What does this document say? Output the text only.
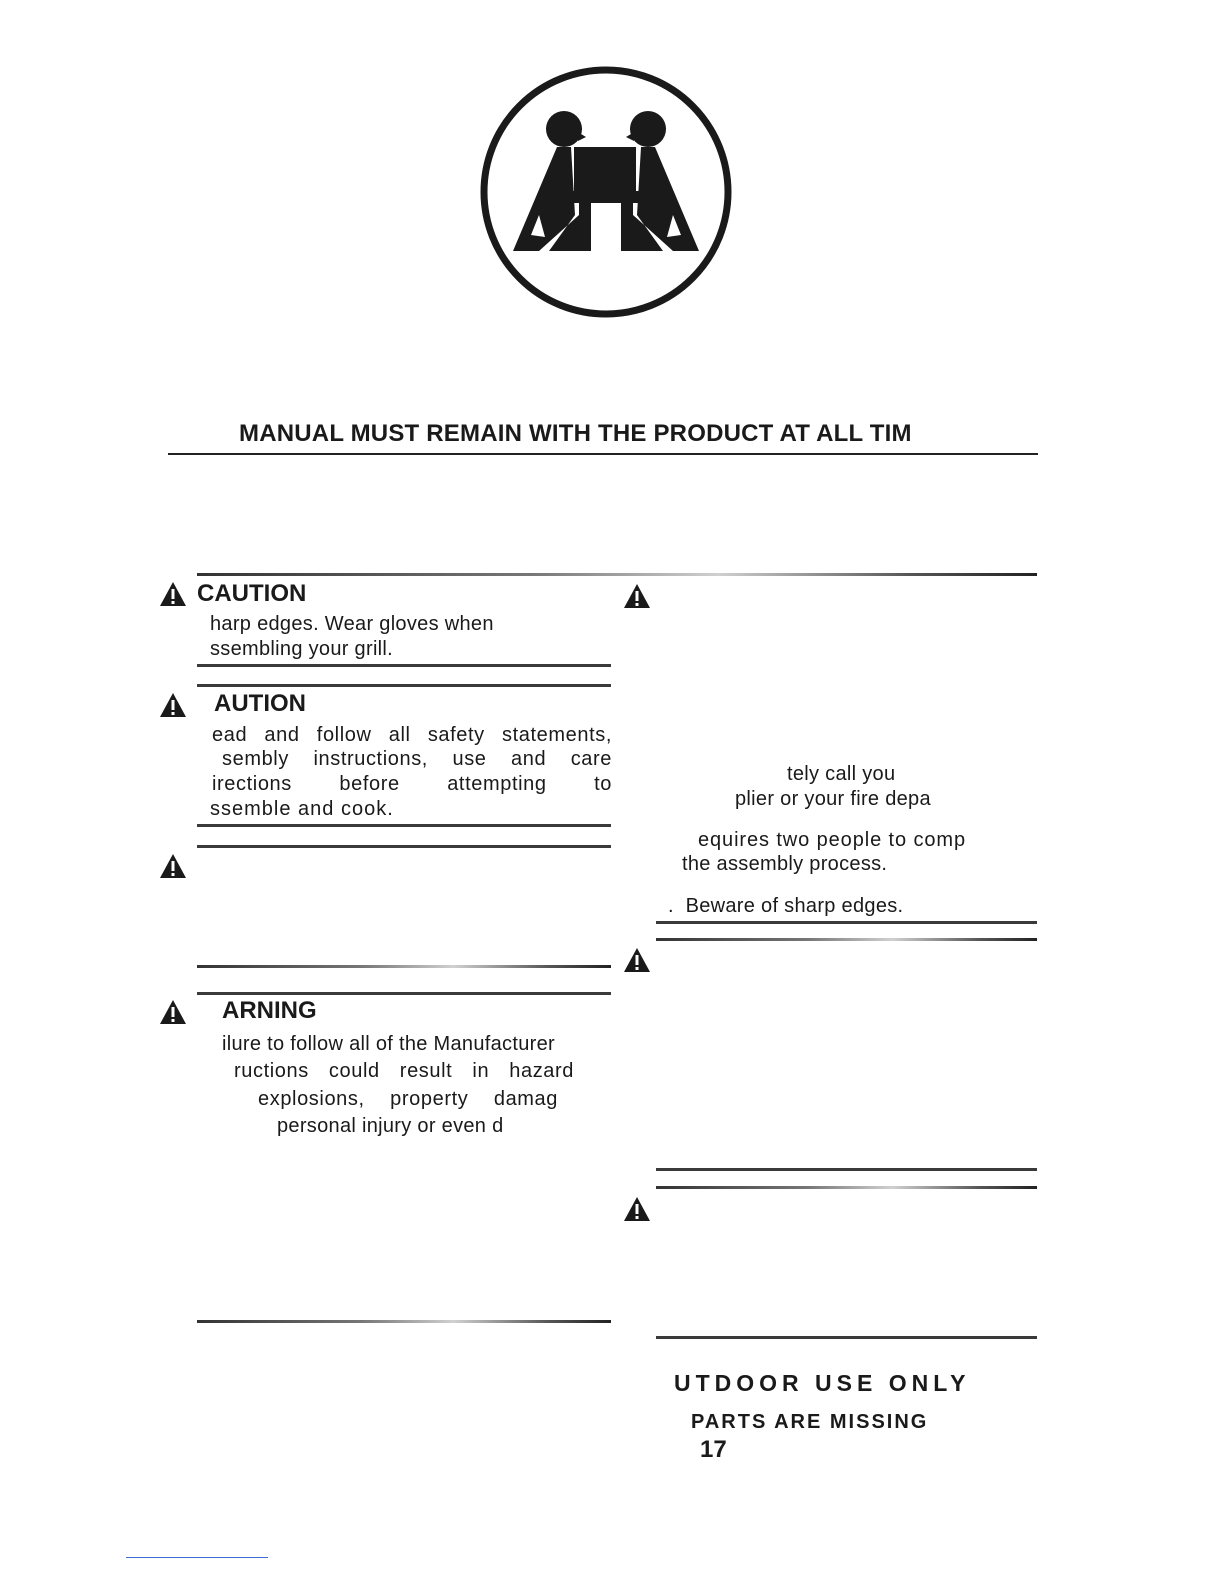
MANUAL MUST REMAIN WITH THE PRODUCT AT ALL TIM
CAUTION
harp edges. Wear gloves when
ssembling your grill.
AUTION
ead and follow all safety statements,
sembly instructions, use and care
irections before attempting to
ssemble and cook.
ARNING
ilure to follow all of the Manufacturer
ructions could result in hazard
explosions, property damag
personal injury or even d
tely call you
plier or your fire depa
equires two people to comp
the assembly process.
.  Beware of sharp edges.
UTDOOR USE ONLY
PARTS ARE MISSING
17
